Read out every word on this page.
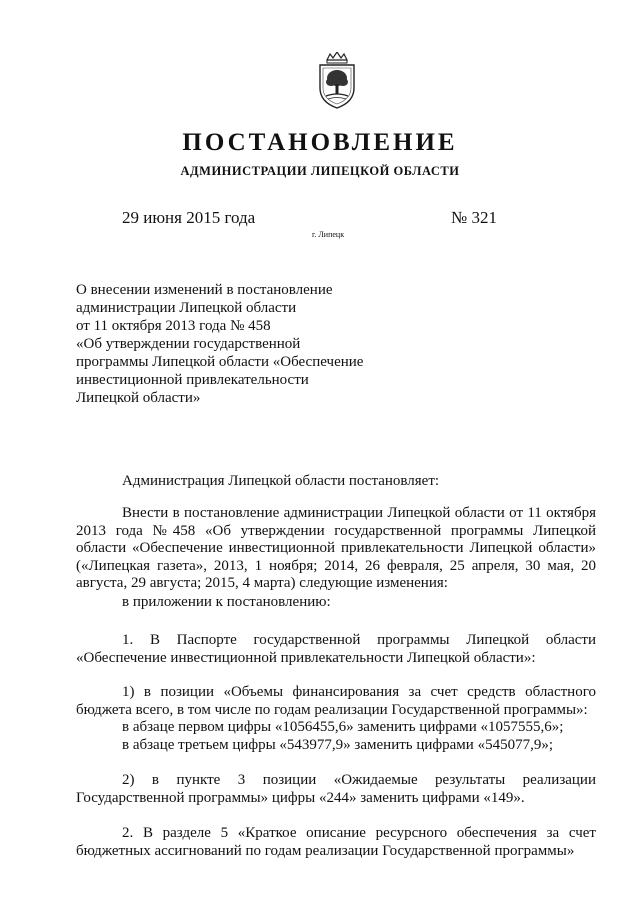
ПОСТАНОВЛЕНИЕ
АДМИНИСТРАЦИИ ЛИПЕЦКОЙ ОБЛАСТИ
29 июня 2015 года	№ 321
г. Липецк
О внесении изменений в постановление
администрации Липецкой области
от 11 октября 2013 года № 458
«Об утверждении государственной
программы Липецкой области «Обеспечение
инвестиционной привлекательности
Липецкой области»

Администрация Липецкой области постановляет:

Внести в постановление администрации Липецкой области от 11 октября 2013 года №458 «Об утверждении государственной программы Липецкой области «Обеспечение инвестиционной привлекательности Липецкой области» («Липецкая газета», 2013, 1 ноября; 2014, 26 февраля, 25 апреля, 30 мая, 20 августа, 29 августа; 2015, 4 марта) следующие изменения:

в приложении к постановлению:

1. В Паспорте государственной программы Липецкой области «Обеспечение инвестиционной привлекательности Липецкой области»:

1) в позиции «Объемы финансирования за счет средств областного бюджета всего, в том числе по годам реализации Государственной программы»:

в абзаце первом цифры «1056455,6» заменить цифрами «1057555,6»;
в абзаце третьем цифры «543977,9» заменить цифрами «545077,9»;

2) в пункте 3 позиции «Ожидаемые результаты реализации Государственной программы» цифры «244» заменить цифрами «149».

2. В разделе 5 «Краткое описание ресурсного обеспечения за счет бюджетных ассигнований по годам реализации Государственной программы»
